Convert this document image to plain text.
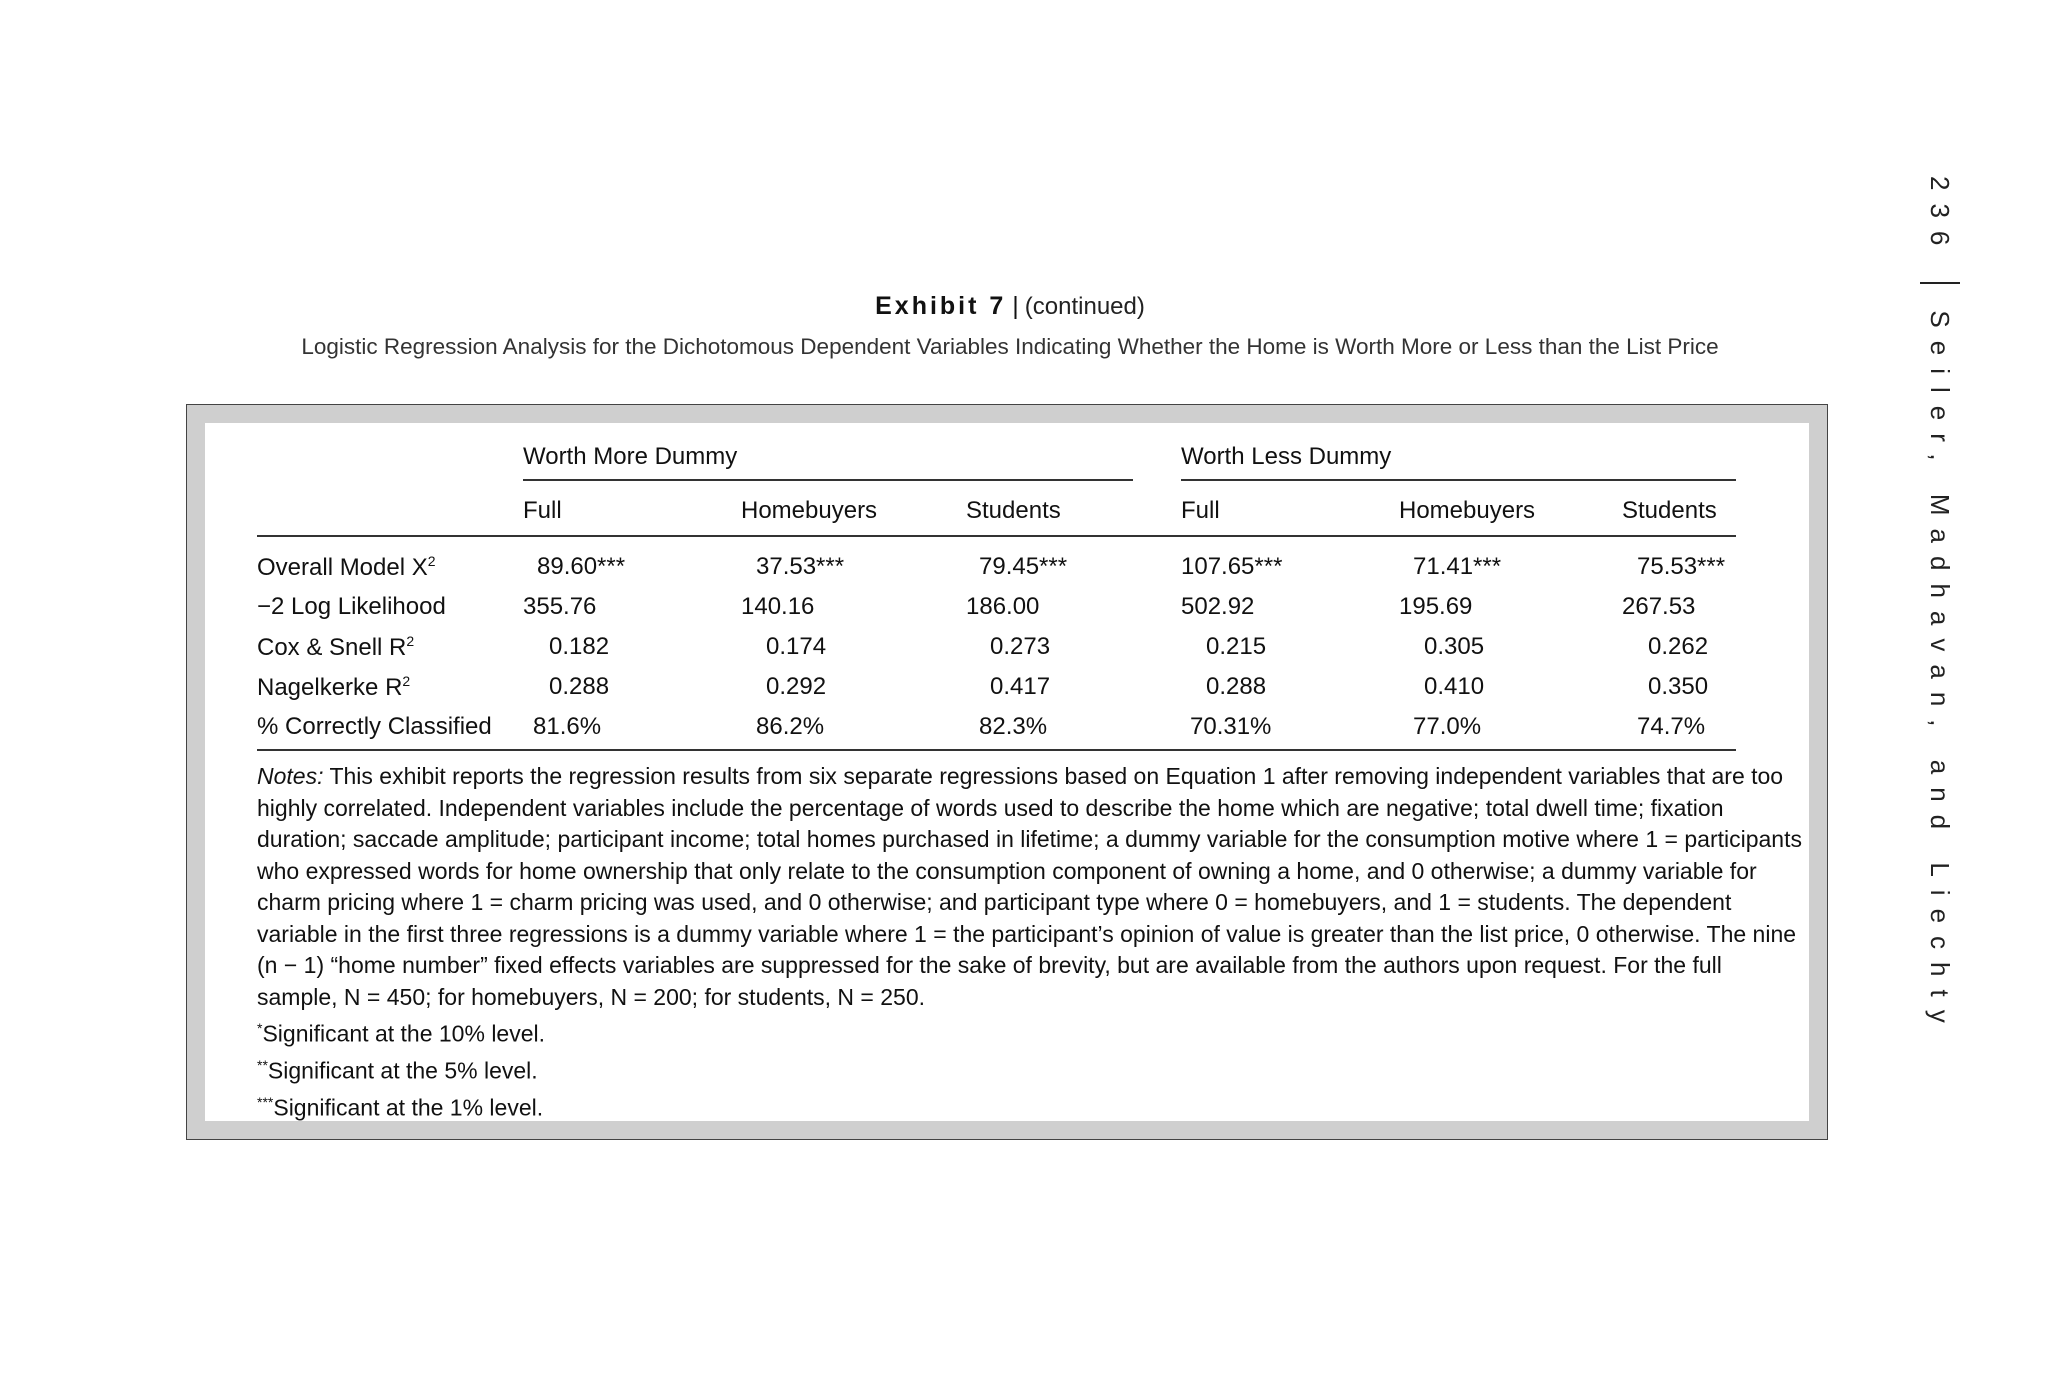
236
Seiler, Madhavan, and Liechty
Exhibit 7 | (continued)
Logistic Regression Analysis for the Dichotomous Dependent Variables Indicating Whether the Home is Worth More or Less than the List Price
Worth More Dummy	Worth Less Dummy
Full	Homebuyers	Students	Full	Homebuyers	Students
Overall Model $X^2$	89.60***	37.53***	79.45***	107.65***	71.41***	75.53***
−2 Log Likelihood	355.76	140.16	186.00	502.92	195.69	267.53
Cox & Snell $R^2$	0.182	0.174	0.273	0.215	0.305	0.262
Nagelkerke $R^2$	0.288	0.292	0.417	0.288	0.410	0.350
% Correctly Classified 81.6%	86.2%	82.3%	70.31%	77.0%	74.7%

Notes: This exhibit reports the regression results from six separate regressions based on Equation 1 after removing independent variables that are too highly correlated. Independent variables include the percentage of words used to describe the home which are negative; total dwell time; fixation duration; saccade amplitude; participant income; total homes purchased in lifetime; a dummy variable for the consumption motive where 1 = participants who expressed words for home ownership that only relate to the consumption component of owning a home, and 0 otherwise; a dummy variable for charm pricing where 1 = charm pricing was used, and 0 otherwise; and participant type where 0 = homebuyers, and 1 = students. The dependent variable in the first three regressions is a dummy variable where 1 = the participant’s opinion of value is greater than the list price, 0 otherwise. The nine (n − 1) “home number” fixed effects variables are suppressed for the sake of brevity, but are available from the authors upon request. For the full sample, N = 450; for homebuyers, N = 200; for students, N = 250.

*Significant at the 10% level.
**Significant at the 5% level.
***Significant at the 1% level.
